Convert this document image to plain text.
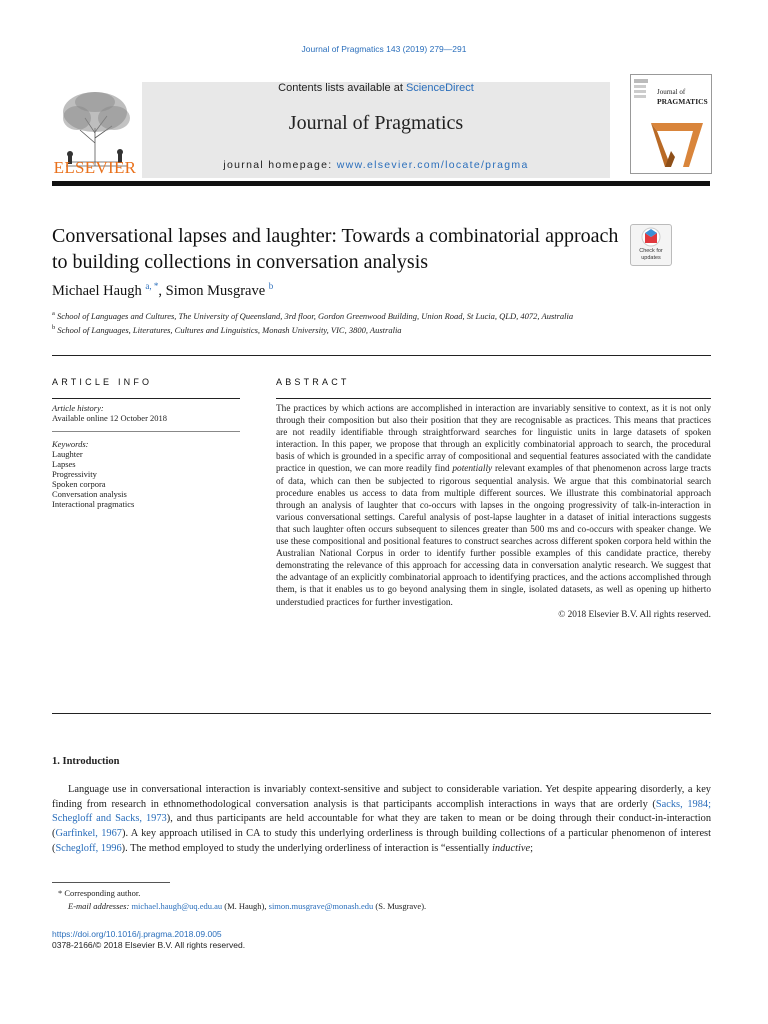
Journal of Pragmatics 143 (2019) 279—291
ELSEVIER
Contents lists available at ScienceDirect
Journal of Pragmatics
journal homepage: www.elsevier.com/locate/pragma
Journal of
PRAGMATICS
Conversational lapses and laughter: Towards a combinatorial approach to building collections in conversation analysis	Check for
updates
Michael Haugh $^{a, *}$, Simon Musgrave $^b$
$^a$ School of Languages and Cultures, The University of Queensland, 3rd floor, Gordon Greenwood Building, Union Road, St Lucia, QLD, 4072, Australia
$^b$ School of Languages, Literatures, Cultures and Linguistics, Monash University, VIC, 3800, Australia
ARTICLE INFO	ABSTRACT
Article history:
Available online 12 October 2018
Keywords:
Laughter
Lapses
Progressivity
Spoken corpora
Conversation analysis
Interactional pragmatics
The practices by which actions are accomplished in interaction are invariably sensitive to context, as it is not only through their composition but also their position that they are recognisable as practices. This means that practices are not readily identifiable through straightforward searches for linguistic units in large datasets of spoken interaction. In this paper, we propose that through an explicitly combinatorial approach to search, the procedural basis of which is grounded in a specific array of compositional and sequential features associated with the candidate practice in question, we can more readily find potentially relevant examples of that phenomenon across large tracts of data, which can then be subjected to rigorous sequential analysis. We argue that this combinatorial search procedure enables us access to data from multiple different sources. We illustrate this combinatorial approach through an analysis of laughter that co-occurs with lapses in the ongoing progressivity of talk-in-interaction in various conversational settings. Careful analysis of post-lapse laughter in a dataset of initial interactions suggests that such laughter often occurs subsequent to silences greater than 500 ms and co-occurs with speaker change. We use these compositional and positional features to construct searches across different spoken corpora held within the Australian National Corpus in order to identify further possible examples of this candidate practice, thereby demonstrating the relevance of this approach for accessing data in conversation analytic research. We suggest that the advantage of an explicitly combinatorial approach to identifying practices, and the actions accomplished through them, is that it enables us to go beyond analysing them in single, isolated datasets, as well as opening up hitherto understudied practices for further investigation.
© 2018 Elsevier B.V. All rights reserved.
1. Introduction
Language use in conversational interaction is invariably context-sensitive and subject to considerable variation. Yet despite appearing disorderly, a key finding from research in ethnomethodological conversation analysis is that participants accomplish interactions in ways that are orderly (Sacks, 1984; Schegloff and Sacks, 1973), and thus participants are held accountable for what they are taken to mean or be doing through their conduct-in-interaction (Garfinkel, 1967). A key approach utilised in CA to study this underlying orderliness is through building collections of a particular phenomenon of interest (Schegloff, 1996). The method employed to study the underlying orderliness of interaction is “essentially inductive;
* Corresponding author.
E-mail addresses: michael.haugh@uq.edu.au (M. Haugh), simon.musgrave@monash.edu (S. Musgrave).
https://doi.org/10.1016/j.pragma.2018.09.005
0378-2166/© 2018 Elsevier B.V. All rights reserved.
